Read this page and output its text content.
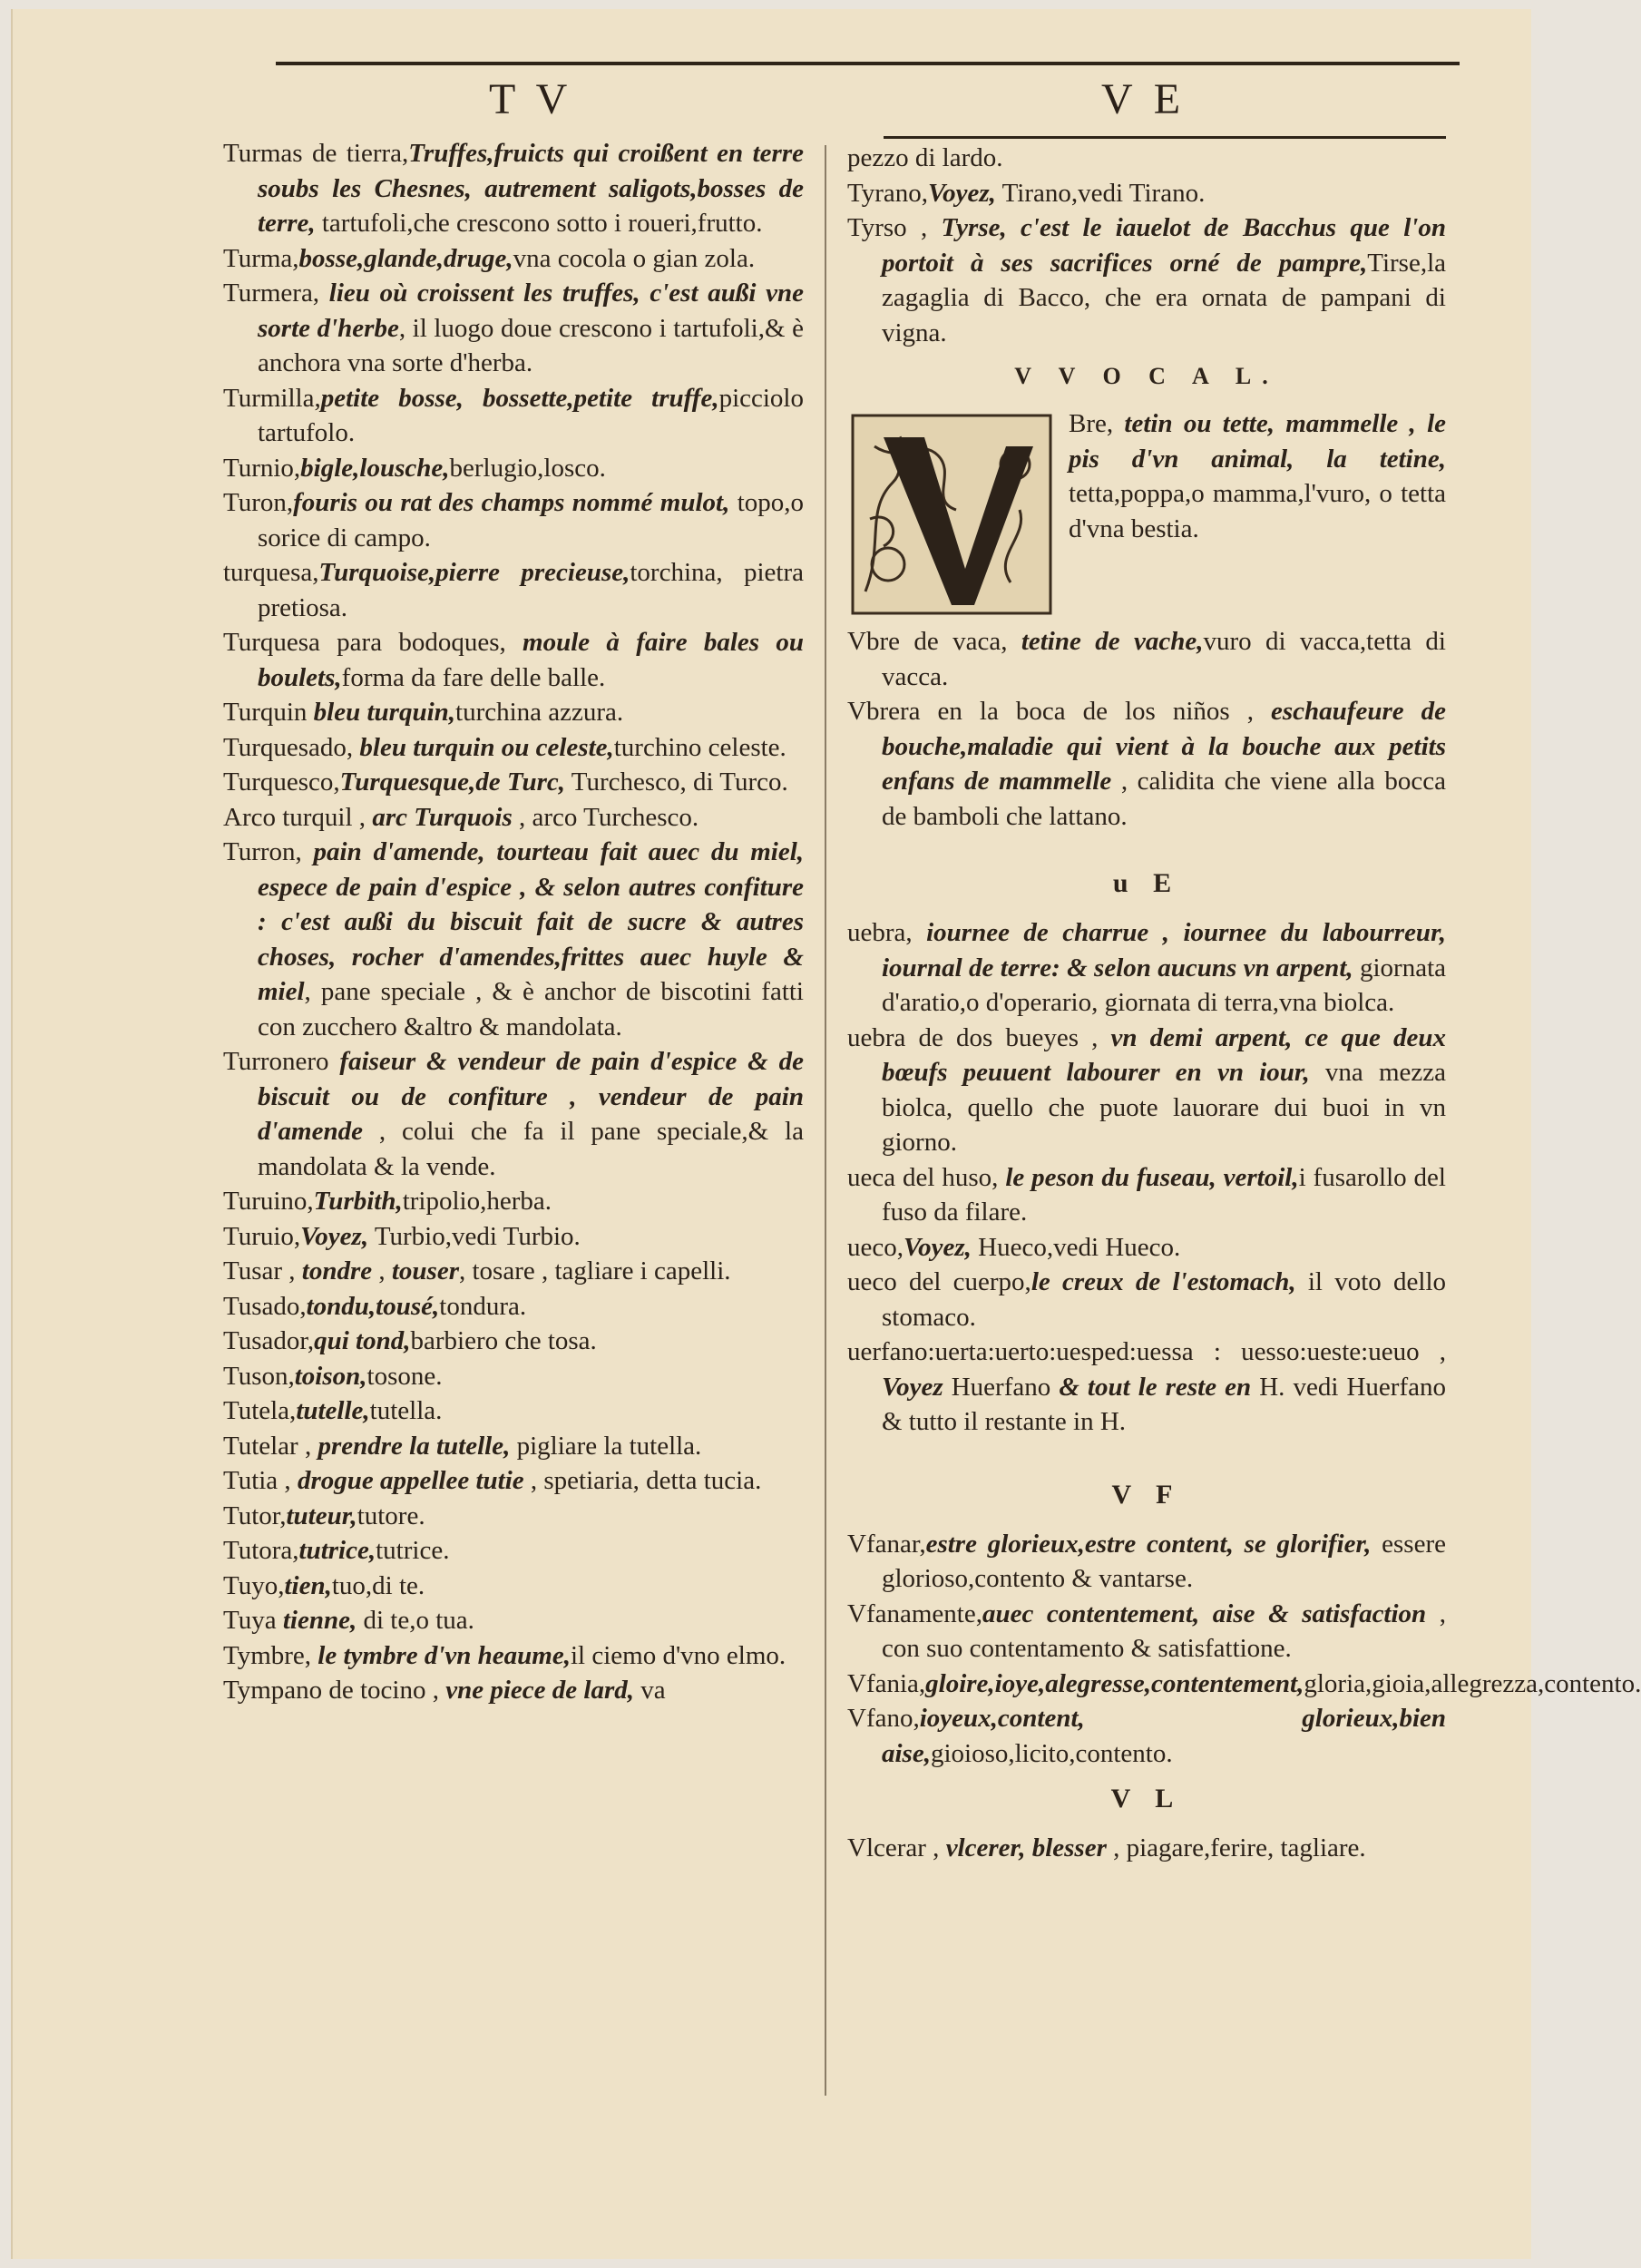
T V	V E
Turmas de tierra,Truffes,fruicts qui croißent en terre soubs les Chesnes, autrement saligots,bosses de terre, tartufoli,che crescono sotto i roueri,frutto.
Turma,bosse,glande,druge,vna cocola o gian zola.
Turmera, lieu où croissent les truffes, c'est außi vne sorte d'herbe, il luogo doue crescono i tartufoli,& è anchora vna sorte d'herba.
Turmilla,petite bosse, bossette,petite truffe,picciolo tartufolo.
Turnio,bigle,lousche,berlugio,losco.
Turon,fouris ou rat des champs nommé mulot, topo,o sorice di campo.
turquesa,Turquoise,pierre precieuse,torchina, pietra pretiosa.
Turquesa para bodoques, moule à faire bales ou boulets,forma da fare delle balle.
Turquin bleu turquin,turchina azzura.
Turquesado, bleu turquin ou celeste,turchino celeste.
Turquesco,Turquesque,de Turc, Turchesco, di Turco.
Arco turquil , arc Turquois , arco Turchesco.
Turron, pain d'amende, tourteau fait auec du miel, espece de pain d'espice , & selon autres confiture : c'est außi du biscuit fait de sucre & autres choses, rocher d'amendes,frittes auec huyle & miel, pane speciale , & è anchor de biscotini fatti con zucchero &altro & mandolata.
Turronero faiseur & vendeur de pain d'espice & de biscuit ou de confiture , vendeur de pain d'amende , colui che fa il pane speciale,& la mandolata & la vende.
Turuino,Turbith,tripolio,herba.
Turuio,Voyez, Turbio,vedi Turbio.
Tusar , tondre , touser, tosare , tagliare i capelli.
Tusado,tondu,tousé,tondura.
Tusador,qui tond,barbiero che tosa.
Tuson,toison,tosone.
Tutela,tutelle,tutella.
Tutelar , prendre la tutelle, pigliare la tutella.
Tutia , drogue appellee tutie , spetiaria, detta tucia.
Tutor,tuteur,tutore.
Tutora,tutrice,tutrice.
Tuyo,tien,tuo,di te.
Tuya tienne, di te,o tua.
Tymbre, le tymbre d'vn heaume,il ciemo d'vno elmo.
Tympano de tocino , vne piece de lard, va
pezzo di lardo.
Tyrano,Voyez, Tirano,vedi Tirano.
Tyrso , Tyrse, c'est le iauelot de Bacchus que l'on portoit à ses sacrifices orné de pampre,Tirse,la zagaglia di Bacco, che era ornata de pampani di vigna.
V V O C A L.
Bre, tetin ou tette, mammelle , le pis d'vn animal, la tetine, tetta,poppa,o mamma,l'vuro, o tetta d'vna bestia.
Vbre de vaca, tetine de vache,vuro di vacca,tetta di vacca.
Vbrera en la boca de los niños , eschaufeure de bouche,maladie qui vient à la bouche aux petits enfans de mammelle , calidita che viene alla bocca de bamboli che lattano.
u E
uebra, iournee de charrue , iournee du labourreur, iournal de terre: & selon aucuns vn arpent, giornata d'aratio,o d'operario, giornata di terra,vna biolca.
uebra de dos bueyes , vn demi arpent, ce que deux bœufs peuuent labourer en vn iour, vna mezza biolca, quello che puote lauorare dui buoi in vn giorno.
ueca del huso, le peson du fuseau, vertoil,i fusarollo del fuso da filare.
ueco,Voyez, Hueco,vedi Hueco.
ueco del cuerpo,le creux de l'estomach, il voto dello stomaco.
uerfano:uerta:uerto:uesped:uessa : uesso:ueste:ueuo , Voyez Huerfano & tout le reste en H. vedi Huerfano & tutto il restante in H.
V F
Vfanar,estre glorieux,estre content, se glorifier, essere glorioso,contento & vantarse.
Vfanamente,auec contentement, aise & satisfaction , con suo contentamento & satisfattione.
Vfania,gloire,ioye,alegresse,contentement,gloria,gioia,allegrezza,contento.
Vfano,ioyeux,content, glorieux,bien aise,gioioso,licito,contento.
V L
Vlcerar , vlcerer, blesser , piagare,ferire, tagliare.
